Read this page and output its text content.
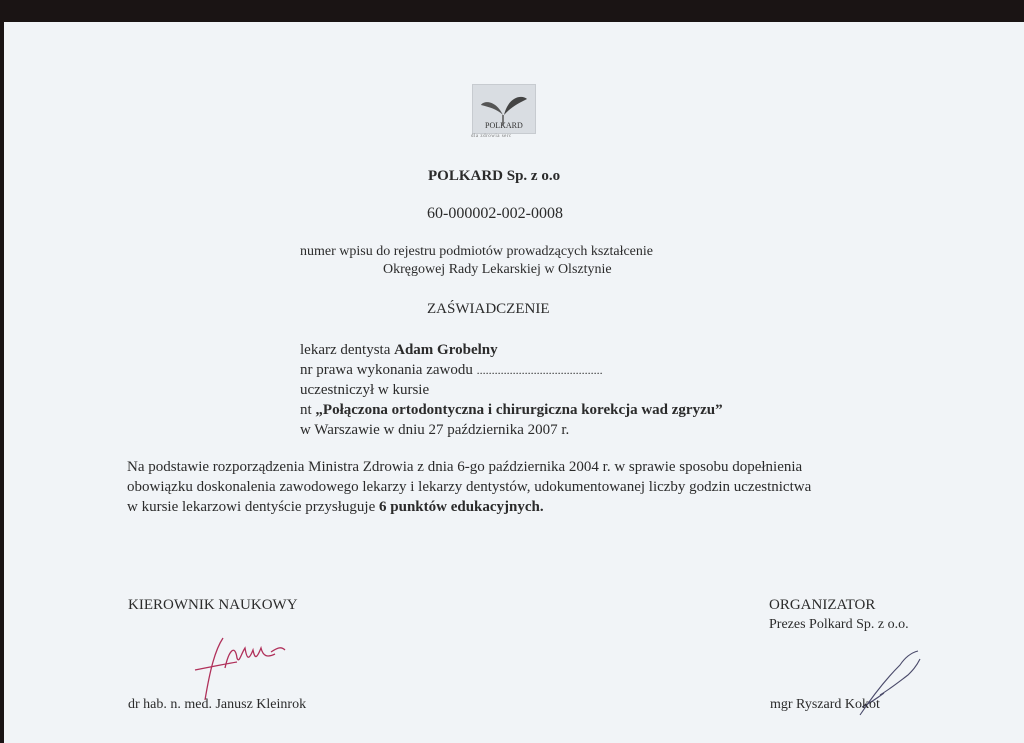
POLKARD
dla zdrowia serc
POLKARD Sp. z o.o
60-000002-002-0008
numer wpisu do rejestru podmiotów prowadzących kształcenie
Okręgowej Rady Lekarskiej w Olsztynie
ZAŚWIADCZENIE
lekarz dentysta Adam Grobelny
nr prawa wykonania zawodu ..........................................
uczestniczył w kursie
nt „Połączona ortodontyczna i chirurgiczna korekcja wad zgryzu”
w Warszawie w dniu 27 października 2007 r.
Na podstawie rozporządzenia Ministra Zdrowia z dnia 6-go października 2004 r. w sprawie sposobu dopełnienia
obowiązku doskonalenia zawodowego lekarzy i lekarzy dentystów, udokumentowanej liczby godzin uczestnictwa
w kursie lekarzowi dentyście przysługuje 6 punktów edukacyjnych.
KIEROWNIK NAUKOWY
dr hab. n. med. Janusz Kleinrok
ORGANIZATOR
Prezes Polkard Sp. z o.o.
mgr Ryszard Kokot
